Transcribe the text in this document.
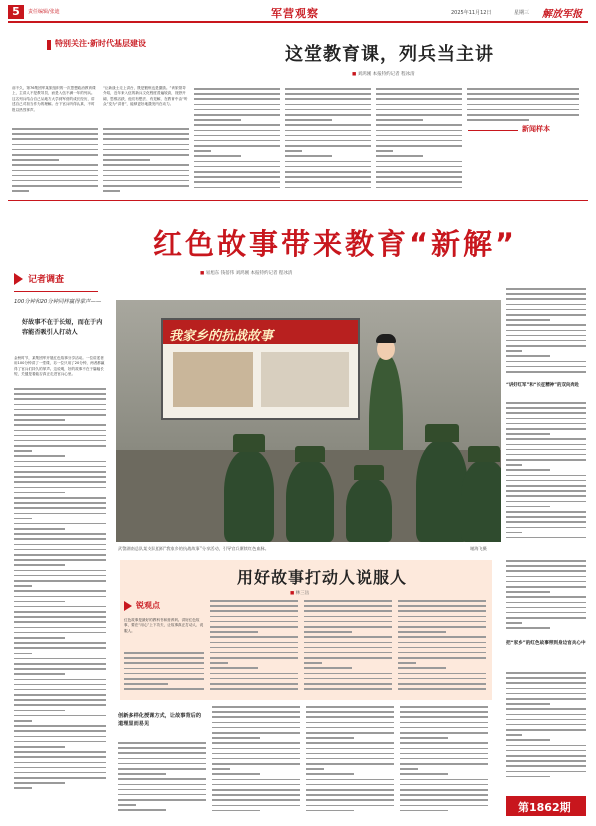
5	责任编辑/张迪	军营观察	2025年11月12日	星期三 解放军报
特别关注·新时代基层建设
这堂教育课，列兵当主讲
■ 刘鸿刚 本报特约记者 程冰清
前不久，第76集团军某旅组织的一次思想政治教育课上，主讲人不是教导员，而是入伍不满一年的列兵。这名列兵结合自己从地方大学到军营的成长经历，讲述自己对担当作为的理解。台下官兵听得认真，不时报以热烈掌声。
“让新战士走上讲台，既是锻炼也是激励。”该旅领导介绍，近年来入伍的新兵文化程度普遍较高，视野开阔，思维活跃，他们有想法、有见解，在教育中由“听众”变为“讲者”，能够更好地激发内在动力。
新闻样本
红色故事带来教育“新解”
■ 易旭东 钱蓓伟 刘鸿刚 本报特约记者 程冰清
记者调查
100分钟和20分钟同样赢得掌声——
好故事不在于长短，而在于内容能否吸引人打动人
金秋时节，某集团军开展红色故事分享活动。一位讲述者用100分钟讲了一堂课，另一位只用了20分钟，两者都赢得了官兵们持久的掌声。这说明，好的故事不在于篇幅长短，关键是看能否真正走进官兵心里。
我家乡的抗战故事
武警湖南总队某支队组织“我家乡的抗战故事”分享活动，引导官兵赓续红色血脉。	谢海飞摄
“讲好红军”和“长征精神”的双向奔赴
用好故事打动人说服人
■ 林三岳
锐观点
红色故事是最好的教科书和营养剂。讲好红色故事，要在“用心”上下功夫，让故事真正打动人、说服人。
创新多样化授课方式，让故事背后的道理显而易见
把“家乡”的红色故事带到身边官兵心中
第1862期
